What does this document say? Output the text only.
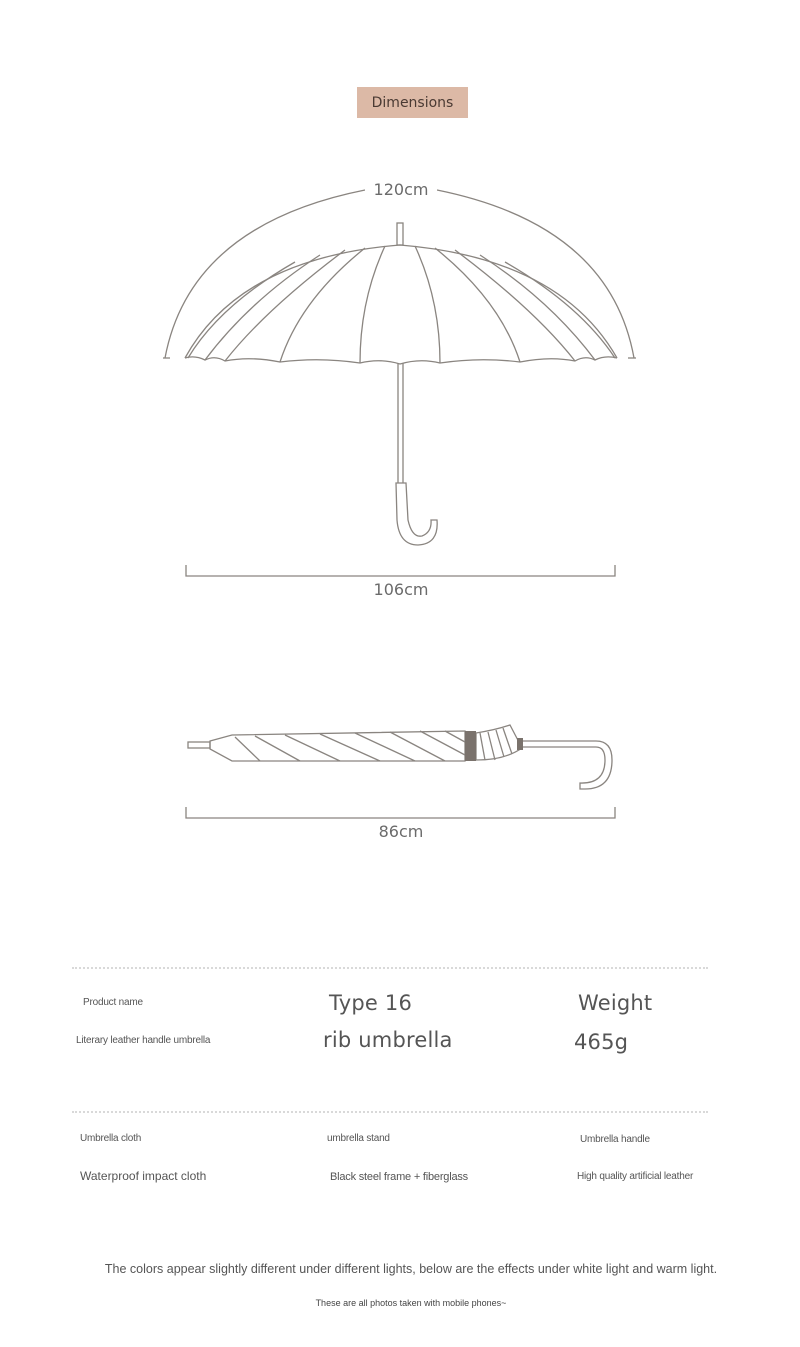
Dimensions
120cm
106cm
86cm
Product name
Literary leather handle umbrella
Type 16
rib umbrella
Weight
465g
Umbrella cloth
Waterproof impact cloth
umbrella stand
Black steel frame + fiberglass
Umbrella handle
High quality artificial leather
The colors appear slightly different under different lights, below are the effects under white light and warm light.
These are all photos taken with mobile phones~
